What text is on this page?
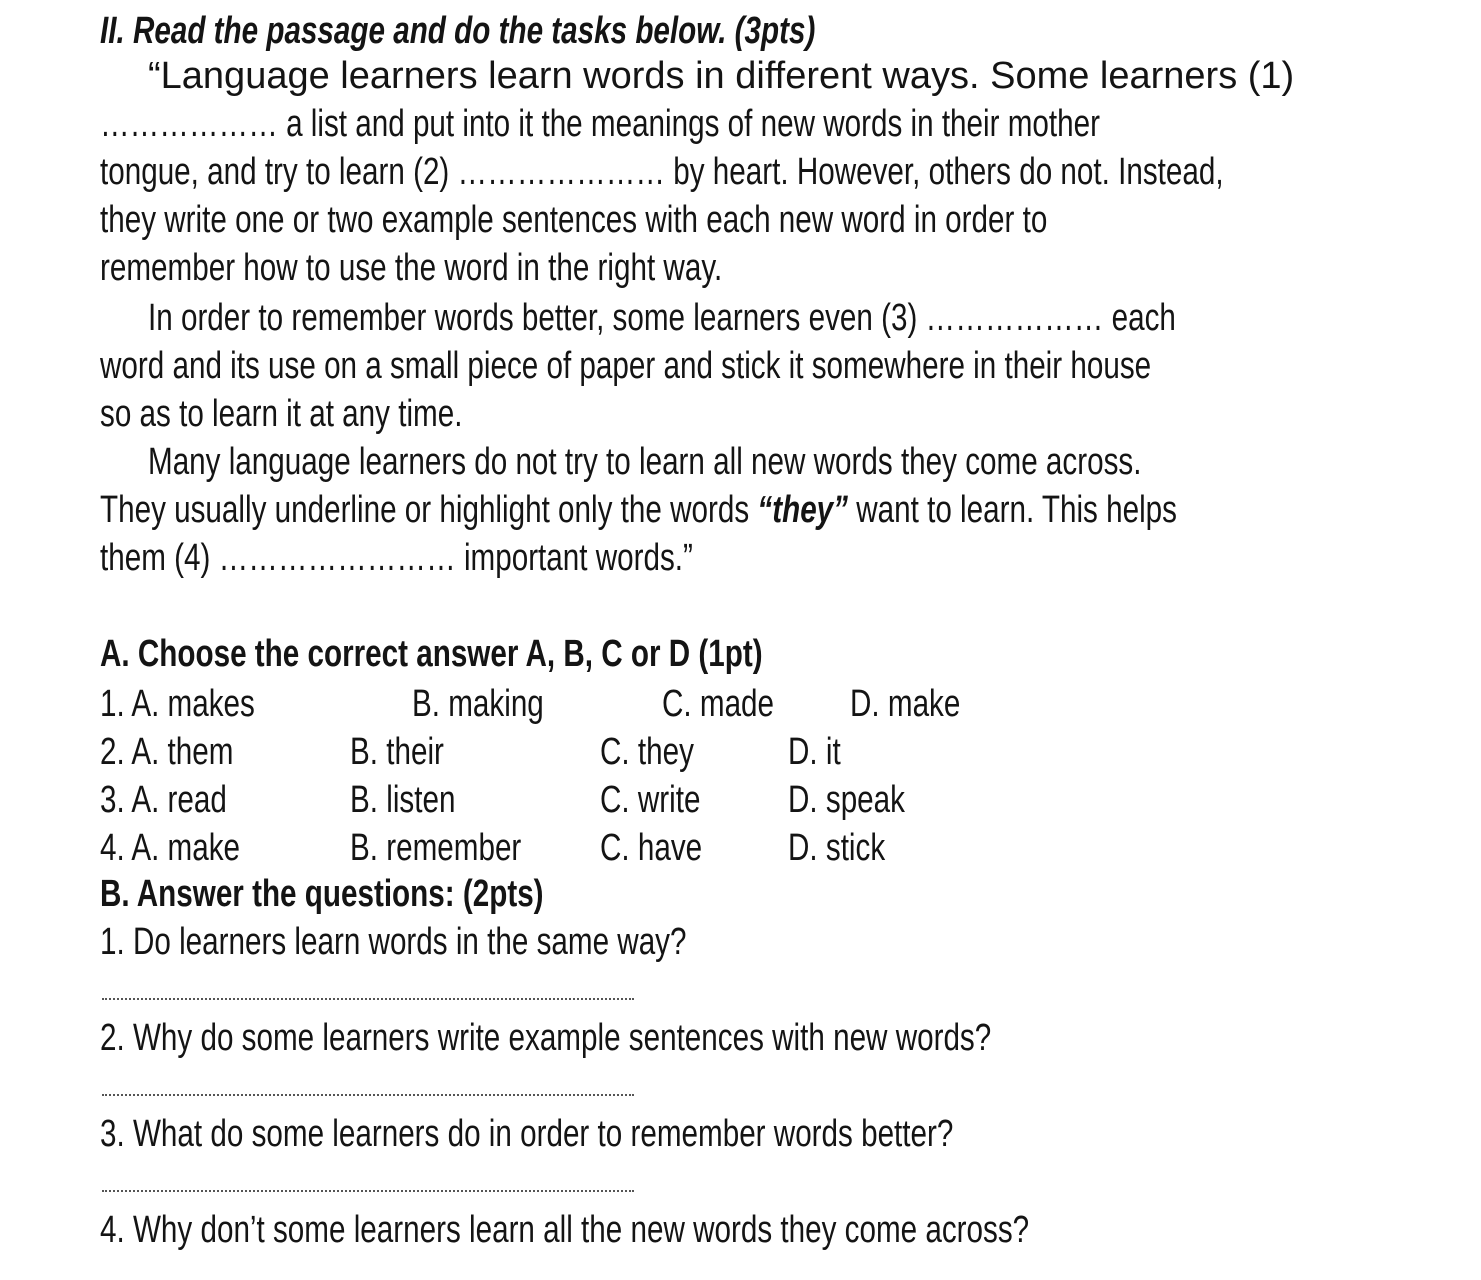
II. Read the passage and do the tasks below. (3pts)
“Language learners learn words in different ways. Some learners (1)
……………… a list and put into it the meanings of new words in their mother
tongue, and try to learn (2) ………………… by heart. However, others do not. Instead,
they write one or two example sentences with each new word in order to
remember how to use the word in the right way.
In order to remember words better, some learners even (3) ……………… each
word and its use on a small piece of paper and stick it somewhere in their house
so as to learn it at any time.
Many language learners do not try to learn all new words they come across.
They usually underline or highlight only the words “they” want to learn. This helps
them (4) …………………… important words.”
A. Choose the correct answer A, B, C or D (1pt)
1. A. makes	B. making	C. made D. make
2. A. them	B. their	C. they D. it
3. A. read	B. listen	C. write D. speak
4. A. make	B. remember C. have D. stick
B. Answer the questions: (2pts)
1. Do learners learn words in the same way?
2. Why do some learners write example sentences with new words?
3. What do some learners do in order to remember words better?
4. Why don’t some learners learn all the new words they come across?
